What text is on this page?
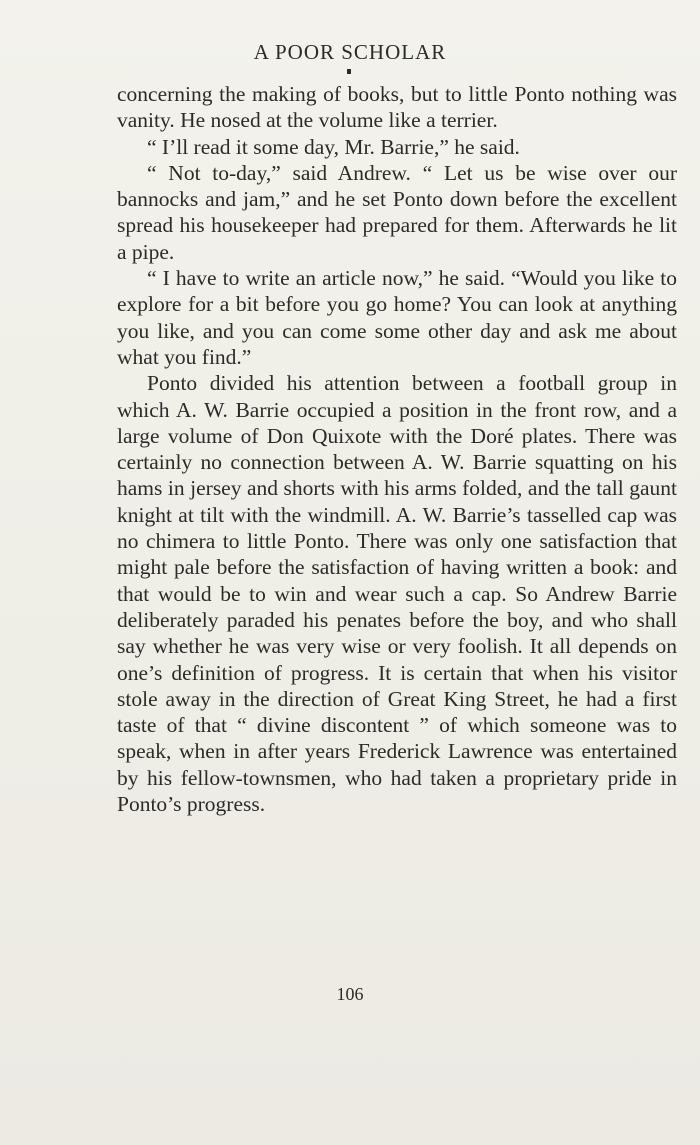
A POOR SCHOLAR

concerning the making of books, but to little Ponto nothing was vanity. He nosed at the volume like a terrier.

“ I’ll read it some day, Mr. Barrie,” he said.

“ Not to-day,” said Andrew. “ Let us be wise over our bannocks and jam,” and he set Ponto down before the excellent spread his housekeeper had prepared for them. Afterwards he lit a pipe.

“ I have to write an article now,” he said. “Would you like to explore for a bit before you go home? You can look at anything you like, and you can come some other day and ask me about what you find.”

Ponto divided his attention between a football group in which A. W. Barrie occupied a position in the front row, and a large volume of Don Quixote with the Doré plates. There was certainly no connection between A. W. Barrie squatting on his hams in jersey and shorts with his arms folded, and the tall gaunt knight at tilt with the windmill. A. W. Barrie’s tasselled cap was no chimera to little Ponto. There was only one satisfaction that might pale before the satisfaction of having written a book: and that would be to win and wear such a cap. So Andrew Barrie deliberately paraded his penates before the boy, and who shall say whether he was very wise or very foolish. It all depends on one’s definition of progress. It is certain that when his visitor stole away in the direction of Great King Street, he had a first taste of that “ divine discontent ” of which someone was to speak, when in after years Frederick Lawrence was entertained by his fellow-townsmen, who had taken a proprietary pride in Ponto’s progress.

106
